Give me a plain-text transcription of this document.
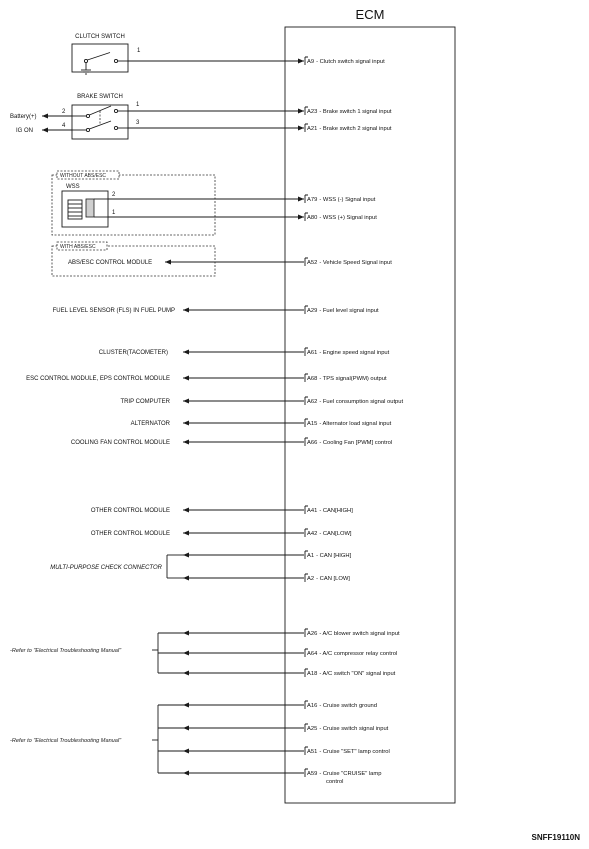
ECM
A9 - Clutch switch signal input
A23 - Brake switch 1 signal input
A21 - Brake switch 2 signal input
A79 - WSS (-) Signal input
A80 - WSS (+) Signal input
A52 - Vehicle Speed Signal input
A29 - Fuel level signal input
A61 - Engine speed signal input
A68 - TPS signal(PWM) output
A62 - Fuel consumption signal output
A15 - Alternator load signal input
A66 - Cooling Fan [PWM] control
A41 - CAN[HIGH]
A42 - CAN[LOW]
A1 - CAN [HIGH]
A2 - CAN [LOW]
A26 - A/C blower switch signal input
A64 - A/C compressor relay control
A18 - A/C switch "ON" signal input
A16 - Cruise switch ground
A25 - Cruise switch signal input
A51 - Cruise "SET" lamp control
A59 - Cruise "CRUISE" lamp
control
CLUTCH SWITCH
1
BRAKE SWITCH
2
4
1
3
Battery(+)
IG ON
WITHOUT ABS/ESC
WSS
2
1
WITH ABS/ESC
ABS/ESC CONTROL MODULE
FUEL LEVEL SENSOR (FLS) IN FUEL PUMP
CLUSTER(TACOMETER)
ESC CONTROL MODULE, EPS CONTROL MODULE
TRIP COMPUTER
ALTERNATOR
COOLING FAN CONTROL MODULE
OTHER CONTROL MODULE
OTHER CONTROL MODULE
MULTI-PURPOSE CHECK CONNECTOR
-Refer to "Electrical Troubleshooting Manual"
-Refer to "Electrical Troubleshooting Manual"
SNFF19110N
